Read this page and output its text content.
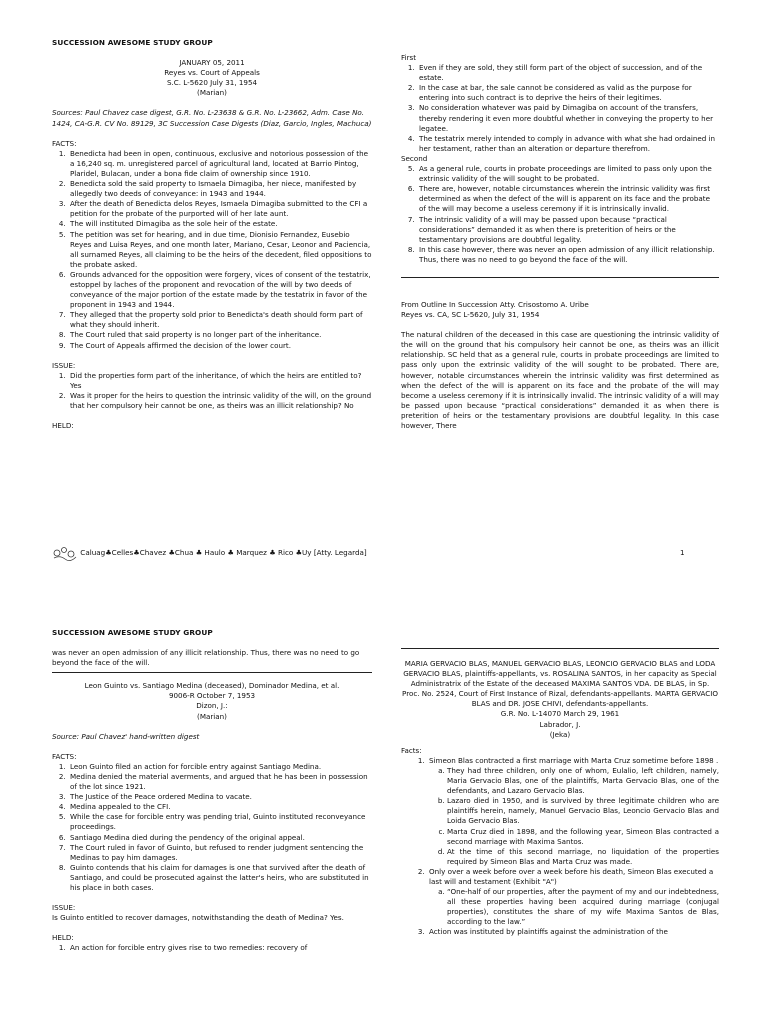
SUCCESSION AWESOME STUDY GROUP
JANUARY 05, 2011
Reyes vs. Court of Appeals
S.C. L-5620 July 31, 1954
(Marian)
Sources: Paul Chavez case digest, G.R. No. L-23638 & G.R. No. L-23662, Adm. Case No. 1424, CA-G.R. CV No. 89129, 3C Succession Case Digests (Diaz, Garcio, Ingles, Machuca)
FACTS:
1. Benedicta had been in open, continuous, exclusive and notorious possession of the a 16,240 sq. m. unregistered parcel of agricultural land, located at Barrio Pintog, Plaridel, Bulacan, under a bona fide claim of ownership since 1910.
2. Benedicta sold the said property to Ismaela Dimagiba, her niece, manifested by allegedly two deeds of conveyance: in 1943 and 1944.
3. After the death of Benedicta delos Reyes, Ismaela Dimagiba submitted to the CFI a petition for the probate of the purported will of her late aunt.
4. The will instituted Dimagiba as the sole heir of the estate.
5. The petition was set for hearing, and in due time, Dionisio Fernandez, Eusebio Reyes and Luisa Reyes, and one month later, Mariano, Cesar, Leonor and Paciencia, all surnamed Reyes, all claiming to be the heirs of the decedent, filed oppositions to the probate asked.
6. Grounds advanced for the opposition were forgery, vices of consent of the testatrix, estoppel by laches of the proponent and revocation of the will by two deeds of conveyance of the major portion of the estate made by the testatrix in favor of the proponent in 1943 and 1944.
7. They alleged that the property sold prior to Benedicta's death should form part of what they should inherit.
8. The Court ruled that said property is no longer part of the inheritance.
9. The Court of Appeals affirmed the decision of the lower court.
ISSUE:
1. Did the properties form part of the inheritance, of which the heirs are entitled to? Yes
2. Was it proper for the heirs to question the intrinsic validity of the will, on the ground that her compulsory heir cannot be one, as theirs was an illicit relationship? No
HELD:
First
1. Even if they are sold, they still form part of the object of succession, and of the estate.
2. In the case at bar, the sale cannot be considered as valid as the purpose for entering into such contract is to deprive the heirs of their legitimes.
3. No consideration whatever was paid by Dimagiba on account of the transfers, thereby rendering it even more doubtful whether in conveying the property to her legatee.
4. The testatrix merely intended to comply in advance with what she had ordained in her testament, rather than an alteration or departure therefrom.
Second
5. As a general rule, courts in probate proceedings are limited to pass only upon the extrinsic validity of the will sought to be probated.
6. There are, however, notable circumstances wherein the intrinsic validity was first determined as when the defect of the will is apparent on its face and the probate of the will may become a useless ceremony if it is intrinsically invalid.
7. The intrinsic validity of a will may be passed upon because “practical considerations” demanded it as when there is preterition of heirs or the testamentary provisions are doubtful legality.
8. In this case however, there was never an open admission of any illicit relationship. Thus, there was no need to go beyond the face of the will.
From Outline In Succession Atty. Crisostomo A. Uribe
Reyes vs. CA, SC L-5620, July 31, 1954
The natural children of the deceased in this case are questioning the intrinsic validity of the will on the ground that his compulsory heir cannot be one, as theirs was an illicit relationship. SC held that as a general rule, courts in probate proceedings are limited to pass only upon the extrinsic validity of the will sought to be probated. There are, however, notable circumstances wherein the intrinsic validity was first determined as when the defect of the will is apparent on its face and the probate of the will may become a useless ceremony if it is intrinsically invalid. The intrinsic validity of a will may be passed upon because “practical considerations” demanded it as when there is preterition of heirs or the testamentary provisions are doubtful legality. In this case however, There
Caluag♣Celles♣Chavez ♣Chua ♣ Haulo ♣ Marquez ♣ Rico ♣Uy [Atty. Legarda]	1
SUCCESSION AWESOME STUDY GROUP
was never an open admission of any illicit relationship. Thus, there was no need to go beyond the face of the will.
Leon Guinto vs. Santiago Medina (deceased), Dominador Medina, et al.
9006-R October 7, 1953
Dizon, J.:
(Marian)
Source: Paul Chavez' hand-written digest
FACTS:
1. Leon Guinto filed an action for forcible entry against Santiago Medina.
2. Medina denied the material averments, and argued that he has been in possession of the lot since 1921.
3. The Justice of the Peace ordered Medina to vacate.
4. Medina appealed to the CFI.
5. While the case for forcible entry was pending trial, Guinto instituted reconveyance proceedings.
6. Santiago Medina died during the pendency of the original appeal.
7. The Court ruled in favor of Guinto, but refused to render judgment sentencing the Medinas to pay him damages.
8. Guinto contends that his claim for damages is one that survived after the death of Santiago, and could be prosecuted against the latter's heirs, who are substituted in his place in both cases.
ISSUE:
Is Guinto entitled to recover damages, notwithstanding the death of Medina? Yes.
HELD:
1. An action for forcible entry gives rise to two remedies: recovery of
MARIA GERVACIO BLAS, MANUEL GERVACIO BLAS, LEONCIO GERVACIO BLAS and LODA GERVACIO BLAS, plaintiffs-appellants, vs. ROSALINA SANTOS, in her capacity as Special Administratrix of the Estate of the deceased MAXIMA SANTOS VDA. DE BLAS, in Sp. Proc. No. 2524, Court of First Instance of Rizal, defendants-appellants. MARTA GERVACIO BLAS and DR. JOSE CHIVI, defendants-appellants.
G.R. No. L-14070 March 29, 1961
Labrador, J.
(Jeka)
Facts:
1. Simeon Blas contracted a first marriage with Marta Cruz sometime before 1898 .
a. They had three children, only one of whom, Eulalio, left children, namely, Maria Gervacio Blas, one of the plaintiffs, Marta Gervacio Blas, one of the defendants, and Lazaro Gervacio Blas.
b. Lazaro died in 1950, and is survived by three legitimate children who are plaintiffs herein, namely, Manuel Gervacio Blas, Leoncio Gervacio Blas and Loida Gervacio Blas.
c. Marta Cruz died in 1898, and the following year, Simeon Blas contracted a second marriage with Maxima Santos.
d. At the time of this second marriage, no liquidation of the properties required by Simeon Blas and Marta Cruz was made.
2. Only over a week before over a week before his death, Simeon Blas executed a last will and testament (Exhibit "A")
a. “One-half of our properties, after the payment of my and our indebtedness, all these properties having been acquired during marriage (conjugal properties), constitutes the share of my wife Maxima Santos de Blas, according to the law.”
3. Action was instituted by plaintiffs against the administration of the
